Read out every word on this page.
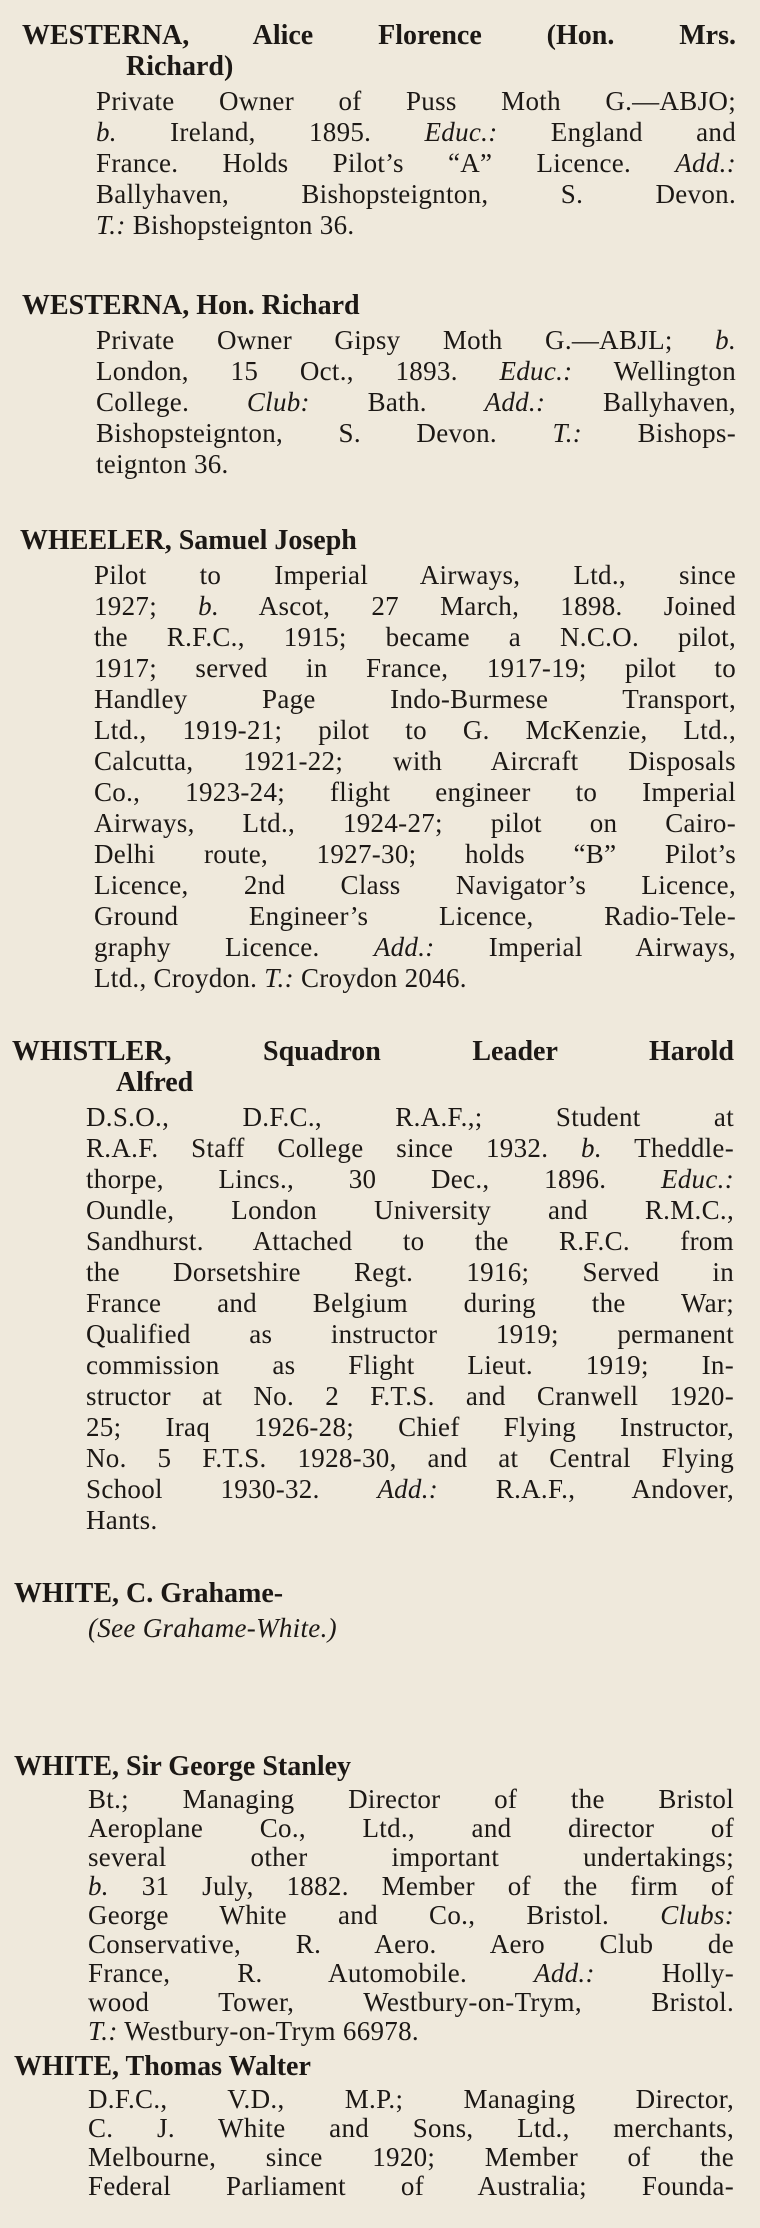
WESTERNA, Alice Florence (Hon. Mrs.
Richard)
Private Owner of Puss Moth G.—ABJO;
b. Ireland, 1895. Educ.: England and
France. Holds Pilot’s “A” Licence. Add.:
Ballyhaven, Bishopsteignton, S. Devon.
T.: Bishopsteignton 36.
WESTERNA, Hon. Richard
Private Owner Gipsy Moth G.—ABJL; b.
London, 15 Oct., 1893. Educ.: Wellington
College. Club: Bath. Add.: Ballyhaven,
Bishopsteignton, S. Devon. T.: Bishops-
teignton 36.
WHEELER, Samuel Joseph
Pilot to Imperial Airways, Ltd., since
1927; b. Ascot, 27 March, 1898. Joined
the R.F.C., 1915; became a N.C.O. pilot,
1917; served in France, 1917-19; pilot to
Handley Page Indo-Burmese Transport,
Ltd., 1919-21; pilot to G. McKenzie, Ltd.,
Calcutta, 1921-22; with Aircraft Disposals
Co., 1923-24; flight engineer to Imperial
Airways, Ltd., 1924-27; pilot on Cairo-
Delhi route, 1927-30; holds “B” Pilot’s
Licence, 2nd Class Navigator’s Licence,
Ground Engineer’s Licence, Radio-Tele-
graphy Licence. Add.: Imperial Airways,
Ltd., Croydon. T.: Croydon 2046.
WHISTLER, Squadron Leader Harold
Alfred
D.S.O., D.F.C., R.A.F.,; Student at
R.A.F. Staff College since 1932. b. Theddle-
thorpe, Lincs., 30 Dec., 1896. Educ.:
Oundle, London University and R.M.C.,
Sandhurst. Attached to the R.F.C. from
the Dorsetshire Regt. 1916; Served in
France and Belgium during the War;
Qualified as instructor 1919; permanent
commission as Flight Lieut. 1919; In-
structor at No. 2 F.T.S. and Cranwell 1920-
25; Iraq 1926-28; Chief Flying Instructor,
No. 5 F.T.S. 1928-30, and at Central Flying
School 1930-32. Add.: R.A.F., Andover,
Hants.
WHITE, C. Grahame-
(See Grahame-White.)
WHITE, Sir George Stanley
Bt.; Managing Director of the Bristol
Aeroplane Co., Ltd., and director of
several other important undertakings;
b. 31 July, 1882. Member of the firm of
George White and Co., Bristol. Clubs:
Conservative, R. Aero. Aero Club de
France, R. Automobile. Add.: Holly-
wood Tower, Westbury-on-Trym, Bristol.
T.: Westbury-on-Trym 66978.
WHITE, Thomas Walter
D.F.C., V.D., M.P.; Managing Director,
C. J. White and Sons, Ltd., merchants,
Melbourne, since 1920; Member of the
Federal Parliament of Australia; Founda-
